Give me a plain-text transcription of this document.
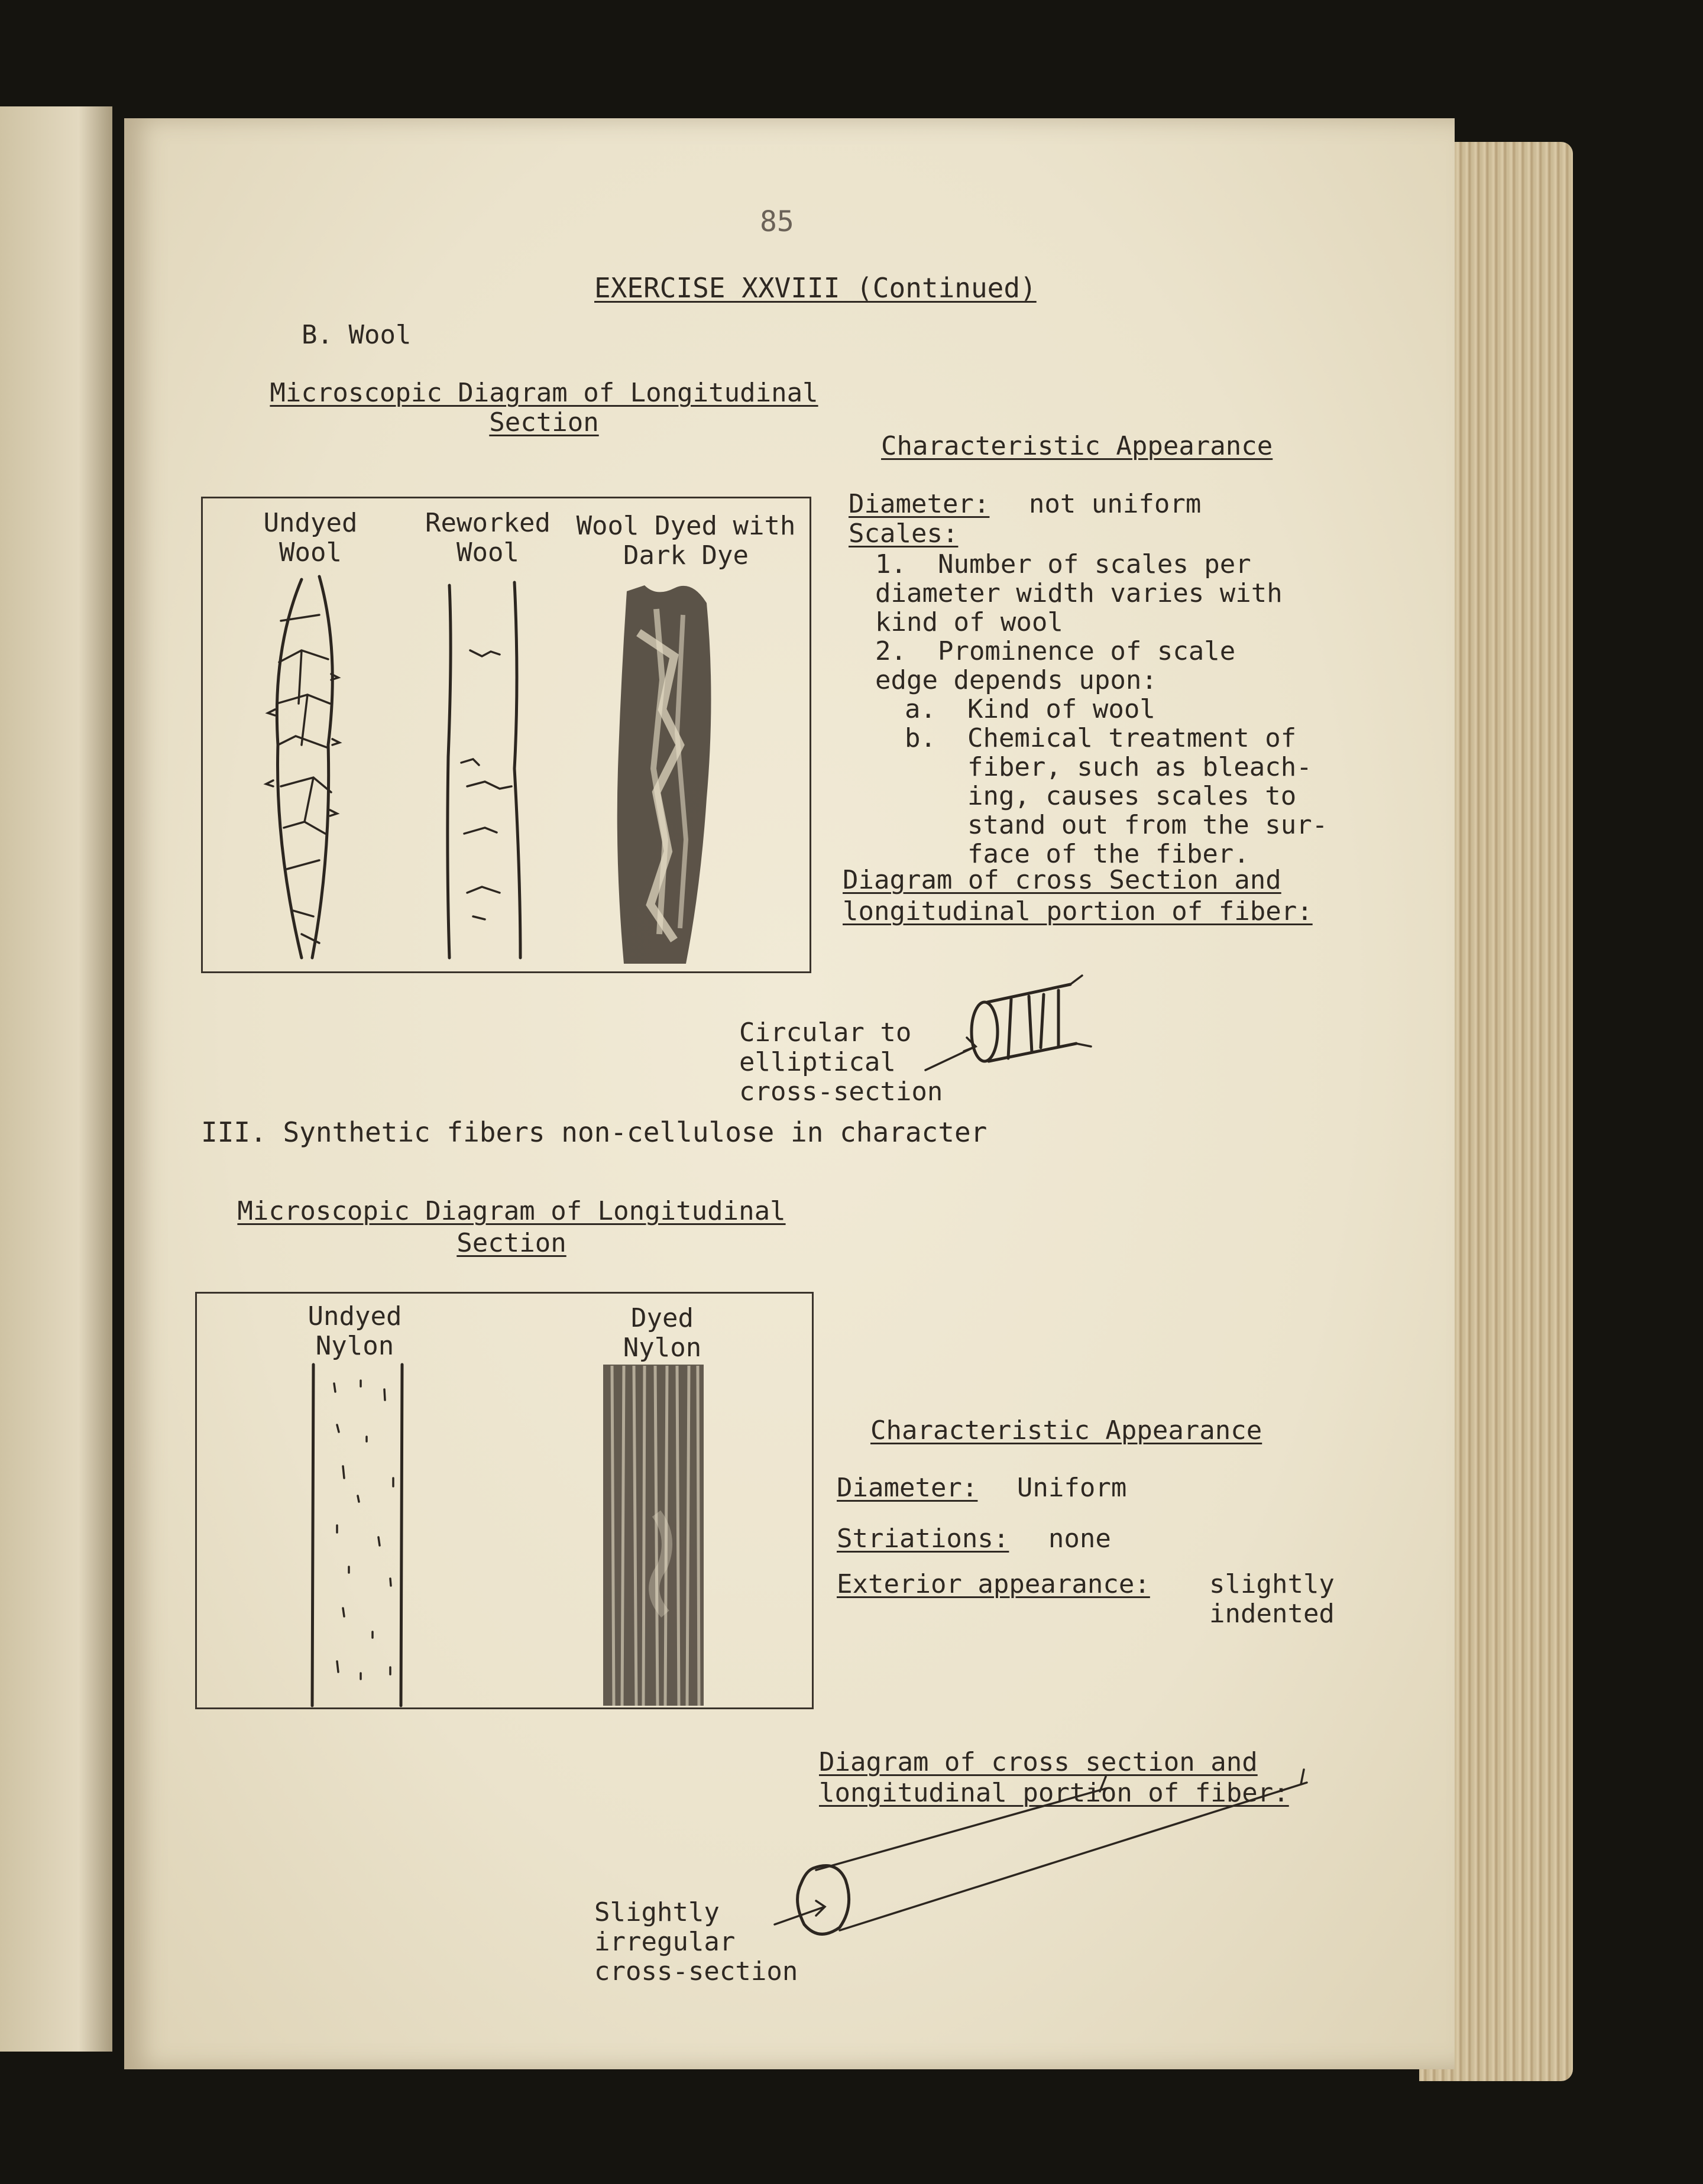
85
EXERCISE XXVIII (Continued)
B. Wool
Microscopic Diagram of Longitudinal Section
Characteristic Appearance
Undyed
Wool
Reworked
Wool
Wool Dyed with
Dark Dye
Diameter: not uniform
Scales:
1.  Number of scales per
diameter width varies with
kind of wool
2.  Prominence of scale
edge depends upon:
a.  Kind of wool
b.  Chemical treatment of
fiber, such as bleach-
ing, causes scales to
stand out from the sur-
face of the fiber.
Diagram of cross Section and
longitudinal portion of fiber:
Circular to
elliptical
cross-section
III. Synthetic fibers non-cellulose in character
Microscopic Diagram of Longitudinal Section
Undyed
Nylon
Dyed
Nylon
Characteristic Appearance
Diameter: Uniform
Striations: none
Exterior appearance: slightly
indented
Diagram of cross section and
longitudinal portion of fiber:
Slightly
irregular
cross-section
